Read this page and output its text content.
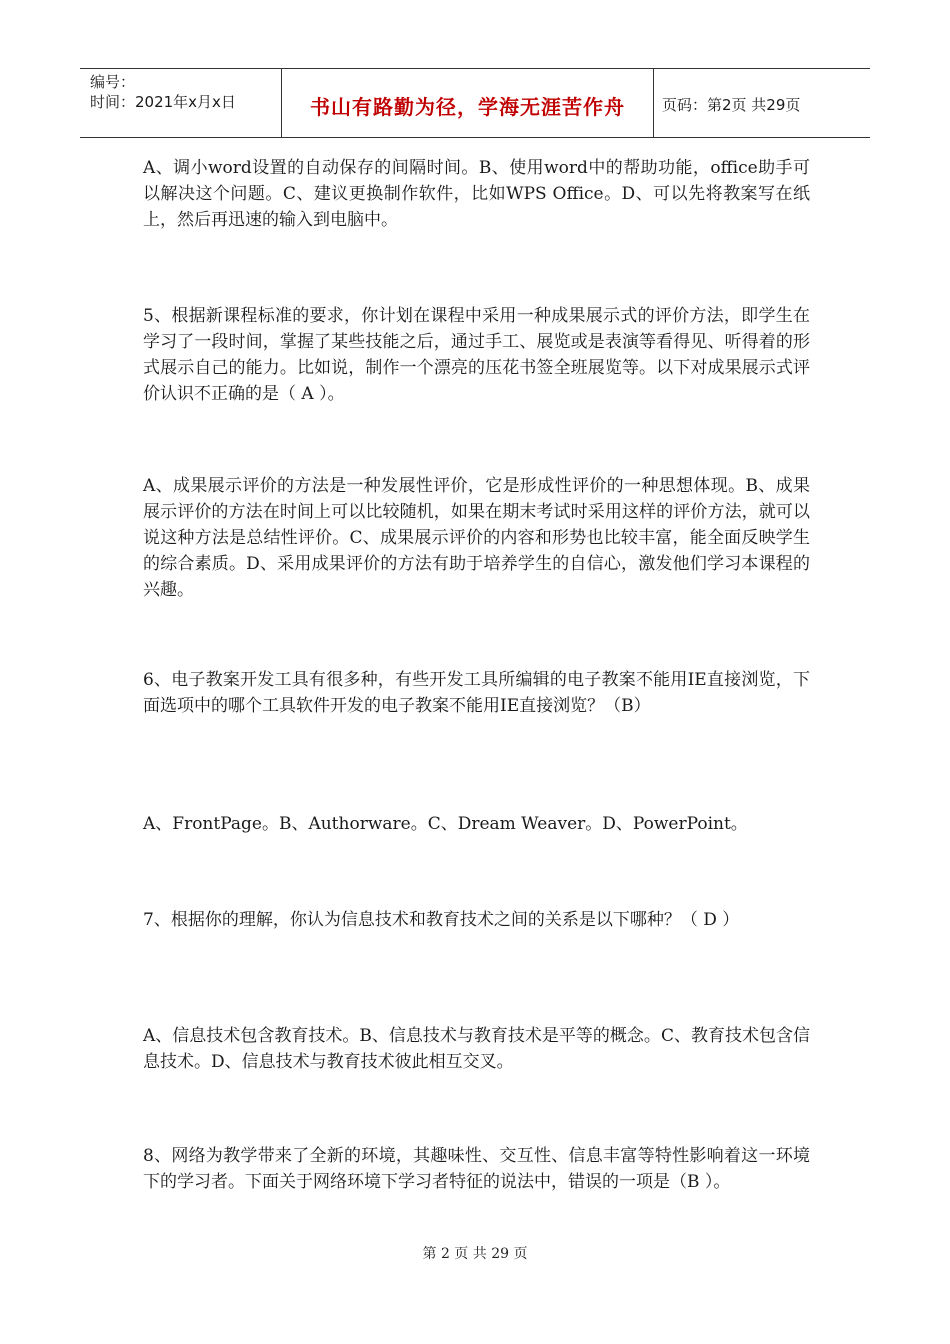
编号：
时间：2021年x月x日	书山有路勤为径，学海无涯苦作舟 页码：第2页 共29页

A、调小word设置的自动保存的间隔时间。B、使用word中的帮助功能，office助手可以解决这个问题。C、建议更换制作软件，比如WPS Office。D、可以先将教案写在纸上，然后再迅速的输入到电脑中。

5、根据新课程标准的要求，你计划在课程中采用一种成果展示式的评价方法，即学生在学习了一段时间，掌握了某些技能之后，通过手工、展览或是表演等看得见、听得着的形式展示自己的能力。比如说，制作一个漂亮的压花书签全班展览等。以下对成果展示式评价认识不正确的是（ A ）。

A、成果展示评价的方法是一种发展性评价，它是形成性评价的一种思想体现。B、成果展示评价的方法在时间上可以比较随机，如果在期末考试时采用这样的评价方法，就可以说这种方法是总结性评价。C、成果展示评价的内容和形势也比较丰富，能全面反映学生的综合素质。D、采用成果评价的方法有助于培养学生的自信心，激发他们学习本课程的兴趣。

6、电子教案开发工具有很多种，有些开发工具所编辑的电子教案不能用IE直接浏览，下面选项中的哪个工具软件开发的电子教案不能用IE直接浏览？（B）

A、FrontPage。B、Authorware。C、Dream Weaver。D、PowerPoint。

7、根据你的理解，你认为信息技术和教育技术之间的关系是以下哪种？（ D ）

A、信息技术包含教育技术。B、信息技术与教育技术是平等的概念。C、教育技术包含信息技术。D、信息技术与教育技术彼此相互交叉。

8、网络为教学带来了全新的环境，其趣味性、交互性、信息丰富等特性影响着这一环境下的学习者。下面关于网络环境下学习者特征的说法中，错误的一项是（B ）。

第 2 页 共 29 页
